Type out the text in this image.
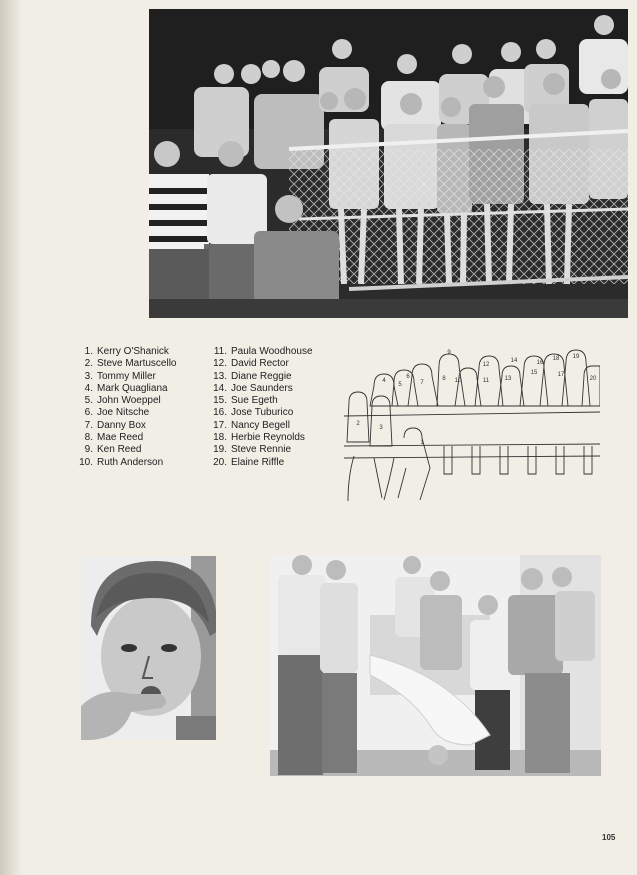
1. Kerry O'Shanick
2. Steve Martuscello
3. Tommy Miller
4. Mark Quagliana
5. John Woeppel
6. Joe Nitsche
7. Danny Box
8. Mae Reed
9. Ken Reed
10. Ruth Anderson
11. Paula Woodhouse
12. David Rector
13. Diane Reggie
14. Joe Saunders
15. Sue Egeth
16. Jose Tuburico
17. Nancy Begell
18. Herbie Reynolds
19. Steve Rennie
20. Elaine Riffle
1
2
3
4
5
6
7
8
9
10	11
12
13
14
15
16
17
18 19
20
105
